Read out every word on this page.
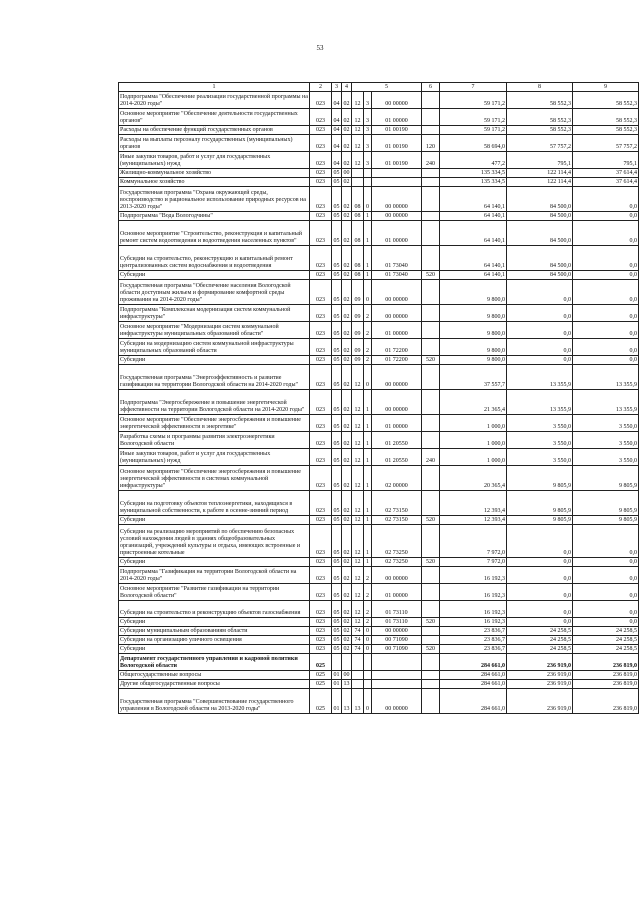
53
1	2	3	4	5			6	7	8	9
Подпрограмма "Обеспечение реализации государственной программы на 2014-2020 годы"	023	04	02	12	3	00 00000		59 171,2	58 552,3	58 552,3
Основное мероприятие "Обеспечение деятельности государственных органов"	023	04	02	12	3	01 00000		59 171,2	58 552,3	58 552,3
Расходы на обеспечение функций государственных органов	023	04	02	12	3	01 00190		59 171,2	58 552,3	58 552,3
Расходы на выплаты персоналу государственных (муниципальных) органов	023	04	02	12	3	01 00190	120	58 694,0	57 757,2	57 757,2
Иные закупки товаров, работ и услуг для государственных (муниципальных) нужд	023	04	02	12	3	01 00190	240	477,2	795,1	795,1
Жилищно-коммунальное хозяйство	023	05	00					135 334,5	122 114,4	37 614,4
Коммунальное хозяйство	023	05	02					135 334,5	122 114,4	37 614,4
Государственная программа "Охрана окружающей среды, воспроизводство и рациональное использование природных ресурсов на 2013-2020 годы"	023	05	02	08	0	00 00000		64 140,1	84 500,0	0,0
Подпрограмма "Вода Вологодчины"	023	05	02	08	1	00 00000		64 140,1	84 500,0	0,0
Основное мероприятие "Строительство, реконструкция и капитальный ремонт систем водоотведения и водоотведения населенных пунктов"	023	05	02	08	1	01 00000		64 140,1	84 500,0	0,0
Субсидии на строительство, реконструкцию и капитальный ремонт централизованных систем водоснабжения и водоотведения	023	05	02	08	1	01 73040		64 140,1	84 500,0	0,0
Субсидии	023	05	02	08	1	01 73040	520	64 140,1	84 500,0	0,0
Государственная программа "Обеспечение населения Вологодской области доступным жильем и формирование комфортной среды проживания на 2014-2020 годы"	023	05	02	09	0	00 00000		9 800,0	0,0	0,0
Подпрограмма "Комплексная модернизация систем коммунальной инфраструктуры"	023	05	02	09	2	00 00000		9 800,0	0,0	0,0
Основное мероприятие "Модернизация систем коммунальной инфраструктуры муниципальных образований области"	023	05	02	09	2	01 00000		9 800,0	0,0	0,0
Субсидии на модернизацию систем коммунальной инфраструктуры муниципальных образований области	023	05	02	09	2	01 72200		9 800,0	0,0	0,0
Субсидии	023	05	02	09	2	01 72200	520	9 800,0	0,0	0,0
Государственная программа "Энергоэффективность и развитие газификации на территории Вологодской области на 2014-2020 годы"	023	05	02	12	0	00 00000		37 557,7	13 355,9	13 355,9
Подпрограмма "Энергосбережение и повышение энергетической эффективности на территории Вологодской области на 2014-2020 годы"	023	05	02	12	1	00 00000		21 365,4	13 355,9	13 355,9
Основное мероприятие "Обеспечение энергосбережения и повышение энергетической эффективности в энергетике"	023	05	02	12	1	01 00000		1 000,0	3 550,0	3 550,0
Разработка схемы и программы развития электроэнергетики Вологодской области	023	05	02	12	1	01 20550		1 000,0	3 550,0	3 550,0
Иные закупки товаров, работ и услуг для государственных (муниципальных) нужд	023	05	02	12	1	01 20550	240	1 000,0	3 550,0	3 550,0
Основное мероприятие "Обеспечение энергосбережения и повышение энергетической эффективности в системах коммунальной инфраструктуры"	023	05	02	12	1	02 00000		20 365,4	9 805,9	9 805,9
Субсидии на подготовку объектов теплоэнергетики, находящихся в муниципальной собственности, к работе в осенне-зимний период	023	05	02	12	1	02 73150		12 393,4	9 805,9	9 805,9
Субсидии	023	05	02	12	1	02 73150	520	12 393,4	9 805,9	9 805,9
Субсидии на реализацию мероприятий по обеспечению безопасных условий нахождения людей в зданиях общеобразовательных организаций, учреждений культуры и отдыха, имеющих встроенные и пристроенные котельные	023	05	02	12	1	02 73250		7 972,0	0,0	0,0
Субсидии	023	05	02	12	1	02 73250	520	7 972,0	0,0	0,0
Подпрограмма "Газификация на территории Вологодской области на 2014-2020 годы"	023	05	02	12	2	00 00000		16 192,3	0,0	0,0
Основное мероприятие "Развитие газификации на территории Вологодской области"	023	05	02	12	2	01 00000		16 192,3	0,0	0,0
Субсидии на строительство и реконструкцию объектов газоснабжения	023	05	02	12	2	01 73110		16 192,3	0,0	0,0
Субсидии	023	05	02	12	2	01 73110	520	16 192,3	0,0	0,0
Субсидии муниципальным образованиям области	023	05	02	74	0	00 00000		23 836,7	24 258,5	24 258,5
Субсидии на организацию уличного освещения	023	05	02	74	0	00 71090		23 836,7	24 258,5	24 258,5
Субсидии	023	05	02	74	0	00 71090	520	23 836,7	24 258,5	24 258,5
Департамент государственного управления и кадровой политики Вологодской области	025							284 661,0	236 919,0	236 819,0
Общегосударственные вопросы	025	01	00					284 661,0	236 919,0	236 819,0
Другие общегосударственные вопросы	025	01	13					284 661,0	236 919,0	236 819,0
Государственная программа "Совершенствование государственного управления в Вологодской области на 2013-2020 годы"	025	01	13	13	0	00 00000		284 661,0	236 919,0	236 819,0
